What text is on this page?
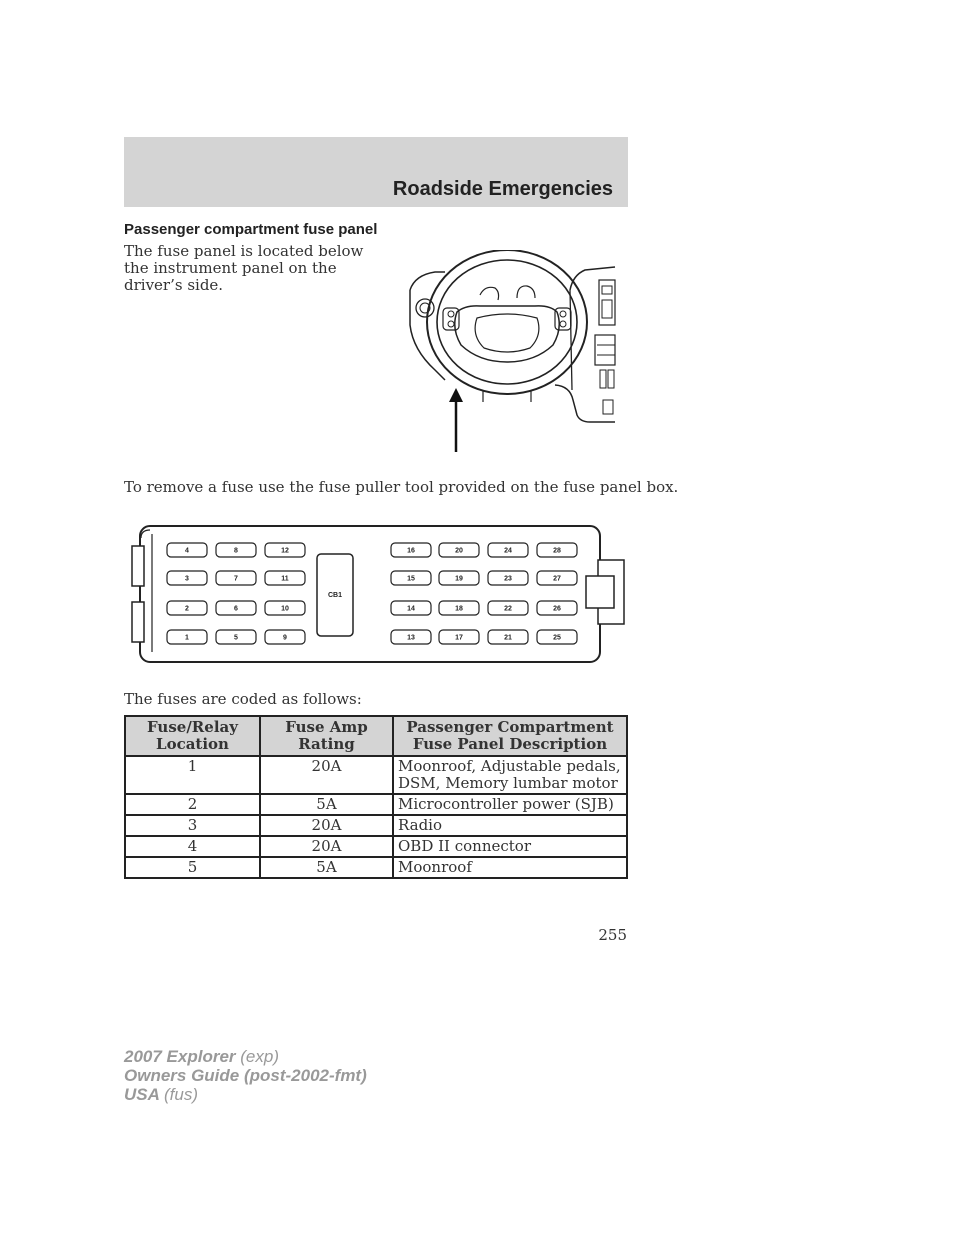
Roadside Emergencies
Passenger compartment fuse panel
The fuse panel is located below the instrument panel on the driver’s side.
To remove a fuse use the fuse puller tool provided on the fuse panel box.
4	8	12
3	7	11
2	6	10
1	5	9
16	20	24	28
15	19	23	27
14	18	22	26
13	17	21	25
CB1
The fuses are coded as follows:
Fuse/Relay Location	Fuse Amp Rating	Passenger Compartment Fuse Panel Description
1	20A	Moonroof, Adjustable pedals, DSM, Memory lumbar motor
2	5A	Microcontroller power (SJB)
3	20A	Radio
4	20A	OBD II connector
5	5A	Moonroof
255
2007 Explorer (exp)
Owners Guide (post-2002-fmt)
USA (fus)
